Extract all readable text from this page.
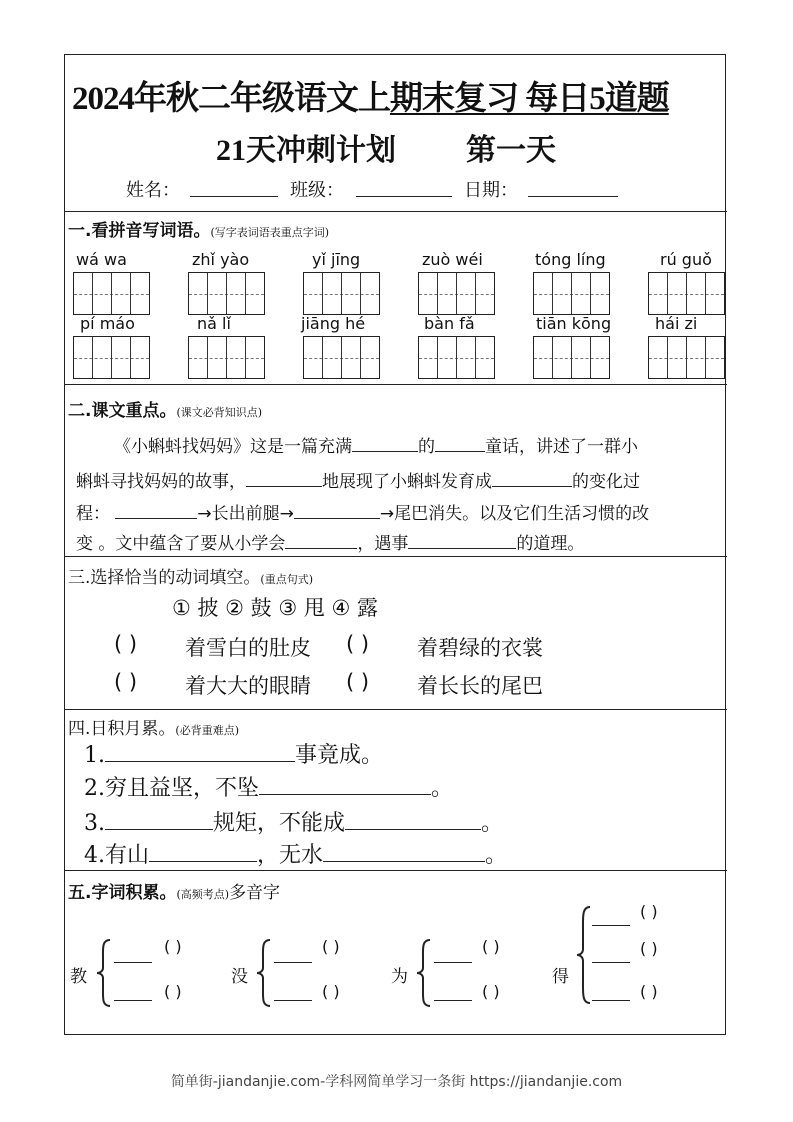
2024年秋二年级语文上期末复习 每日5道题
21天冲刺计划 第一天
姓名：	班级：	日期：
一.看拼音写词语。(写字表词语表重点字词)
wá wa	zhǐ yào	yǐ jīng	zuò wéi	tóng líng	rú guǒ
pí máo	nǎ lǐ	jiāng hé	bàn fǎ	tiān kōng	hái zi
二.课文重点。(课文必背知识点)
《小蝌蚪找妈妈》这是一篇充满	的	童话，讲述了一群小
蝌蚪寻找妈妈的故事，	地展现了小蝌蚪发育成	的变化过
程：	→长出前腿→	→尾巴消失。以及它们生活习惯的改
变 。文中蕴含了要从小学会	，遇事	的道理。
三.选择恰当的动词填空。(重点句式)
① 披 ② 鼓 ③ 甩 ④ 露
( ) 着雪白的肚皮 ( ) 着碧绿的衣裳
( ) 着大大的眼睛 ( ) 着长长的尾巴
四.日积月累。(必背重难点)
1.	事竟成。
2.穷且益坚，不坠	。
3.	规矩，不能成	。
4.有山	，无水	。
五.字词积累。(高频考点)多音字
教
( )
( )
没
( )
( )
为
( )
( )
得
( )
( )
( )
简单街-jiandanjie.com-学科网简单学习一条街 https://jiandanjie.com
